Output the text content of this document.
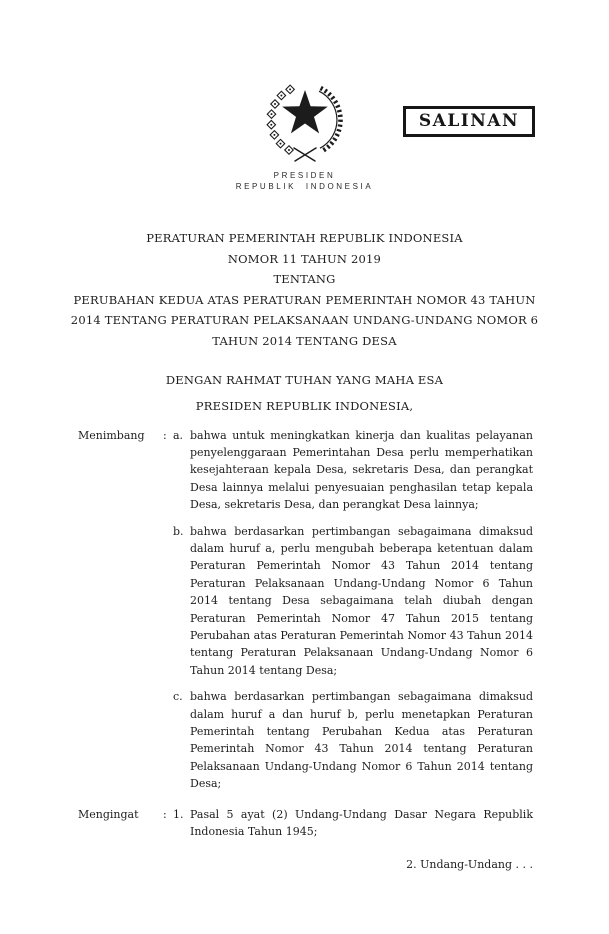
SALINAN
PRESIDEN
REPUBLIK INDONESIA
PERATURAN PEMERINTAH REPUBLIK INDONESIA
NOMOR 11 TAHUN 2019
TENTANG
PERUBAHAN KEDUA ATAS PERATURAN PEMERINTAH NOMOR 43 TAHUN
2014 TENTANG PERATURAN PELAKSANAAN UNDANG-UNDANG NOMOR 6
TAHUN 2014 TENTANG DESA
DENGAN RAHMAT TUHAN YANG MAHA ESA
PRESIDEN REPUBLIK INDONESIA,
Menimbang	: a. bahwa untuk meningkatkan kinerja dan kualitas pelayanan penyelenggaraan Pemerintahan Desa perlu memperhatikan kesejahteraan kepala Desa, sekretaris Desa, dan perangkat Desa lainnya melalui penyesuaian penghasilan tetap kepala Desa, sekretaris Desa, dan perangkat Desa lainnya;
b. bahwa berdasarkan pertimbangan sebagaimana dimaksud dalam huruf a, perlu mengubah beberapa ketentuan dalam Peraturan Pemerintah Nomor 43 Tahun 2014 tentang Peraturan Pelaksanaan Undang-Undang Nomor 6 Tahun 2014 tentang Desa sebagaimana telah diubah dengan Peraturan Pemerintah Nomor 47 Tahun 2015 tentang Perubahan atas Peraturan Pemerintah Nomor 43 Tahun 2014 tentang Peraturan Pelaksanaan Undang-Undang Nomor 6 Tahun 2014 tentang Desa;
c. bahwa berdasarkan pertimbangan sebagaimana dimaksud dalam huruf a dan huruf b, perlu menetapkan Peraturan Pemerintah tentang Perubahan Kedua atas Peraturan Pemerintah Nomor 43 Tahun 2014 tentang Peraturan Pelaksanaan Undang-Undang Nomor 6 Tahun 2014 tentang Desa;
Mengingat	: 1. Pasal 5 ayat (2) Undang-Undang Dasar Negara Republik Indonesia Tahun 1945;
2. Undang-Undang . . .
